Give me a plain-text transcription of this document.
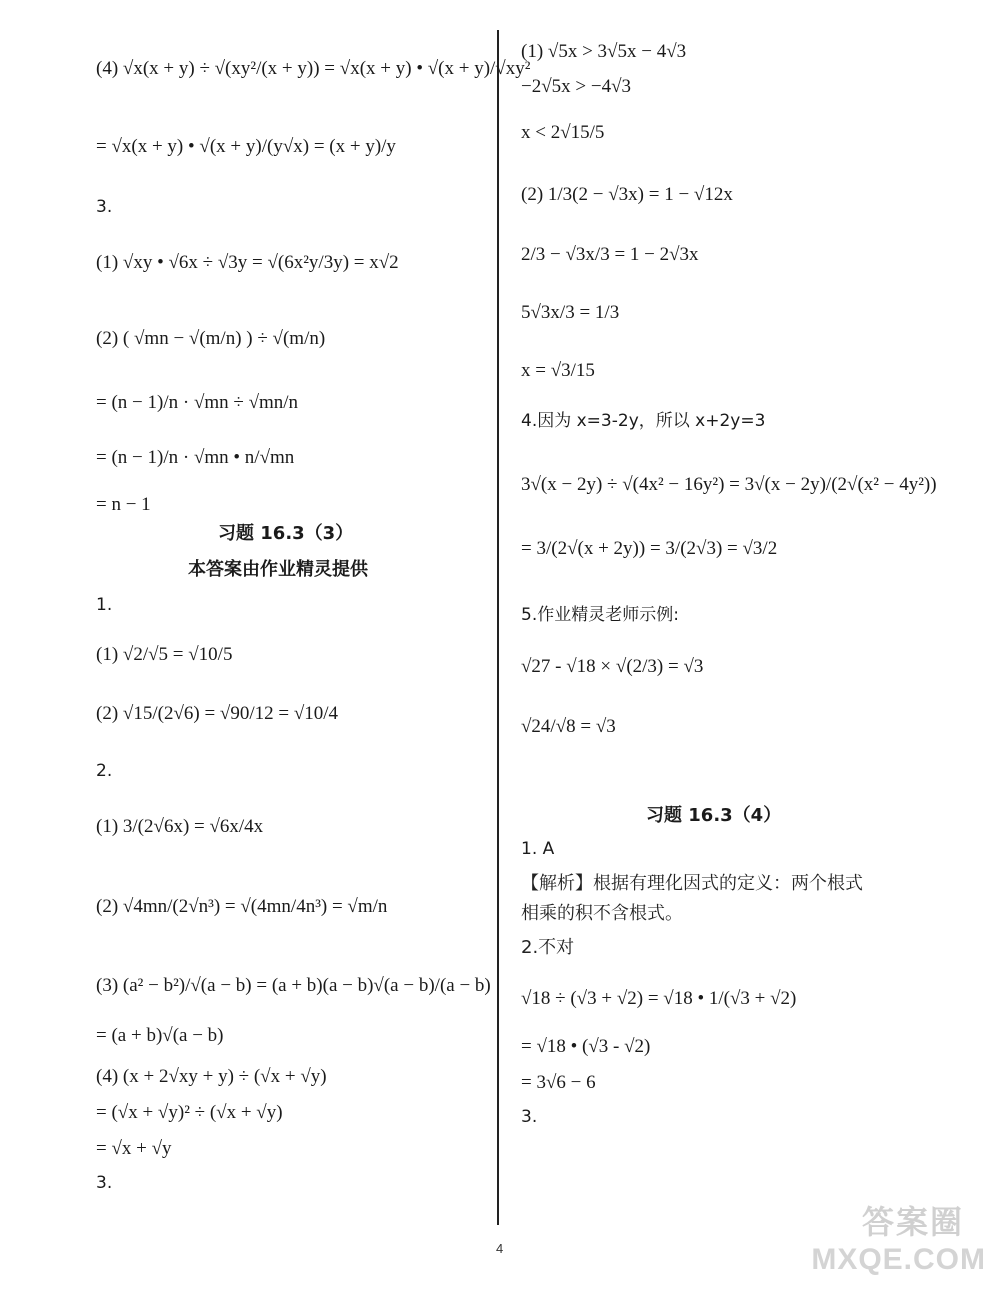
(4) √x(x + y) ÷ √(xy²/(x + y)) = √x(x + y) • √(x + y)/√xy²
= √x(x + y) • √(x + y)/(y√x) = (x + y)/y
3.
(1) √xy • √6x ÷ √3y = √(6x²y/3y) = x√2
(2) ( √mn − √(m/n) ) ÷ √(m/n)
= (n − 1)/n · √mn ÷ √mn/n
= (n − 1)/n · √mn • n/√mn
= n − 1
习题 16.3（3）
本答案由作业精灵提供
1.
(1) √2/√5 = √10/5
(2) √15/(2√6) = √90/12 = √10/4
2.
(1) 3/(2√6x) = √6x/4x
(2) √4mn/(2√n³) = √(4mn/4n³) = √m/n
(3) (a² − b²)/√(a − b) = (a + b)(a − b)√(a − b)/(a − b)
= (a + b)√(a − b)
(4) (x + 2√xy + y) ÷ (√x + √y)
= (√x + √y)² ÷ (√x + √y)
= √x + √y
3.
(1) √5x > 3√5x − 4√3
−2√5x > −4√3
x < 2√15/5
(2) 1/3(2 − √3x) = 1 − √12x
2/3 − √3x/3 = 1 − 2√3x
5√3x/3 = 1/3
x = √3/15
4.因为 x=3-2y，所以 x+2y=3
3√(x − 2y) ÷ √(4x² − 16y²) = 3√(x − 2y)/(2√(x² − 4y²))
= 3/(2√(x + 2y)) = 3/(2√3) = √3/2
5.作业精灵老师示例:
√27 - √18 × √(2/3) = √3
√24/√8 = √3
习题 16.3（4）
1. A
【解析】根据有理化因式的定义：两个根式
相乘的积不含根式。
2.不对
√18 ÷ (√3 + √2) = √18 • 1/(√3 + √2)
= √18 • (√3 - √2)
= 3√6 − 6
3.
4
答案圈
MXQE.COM
